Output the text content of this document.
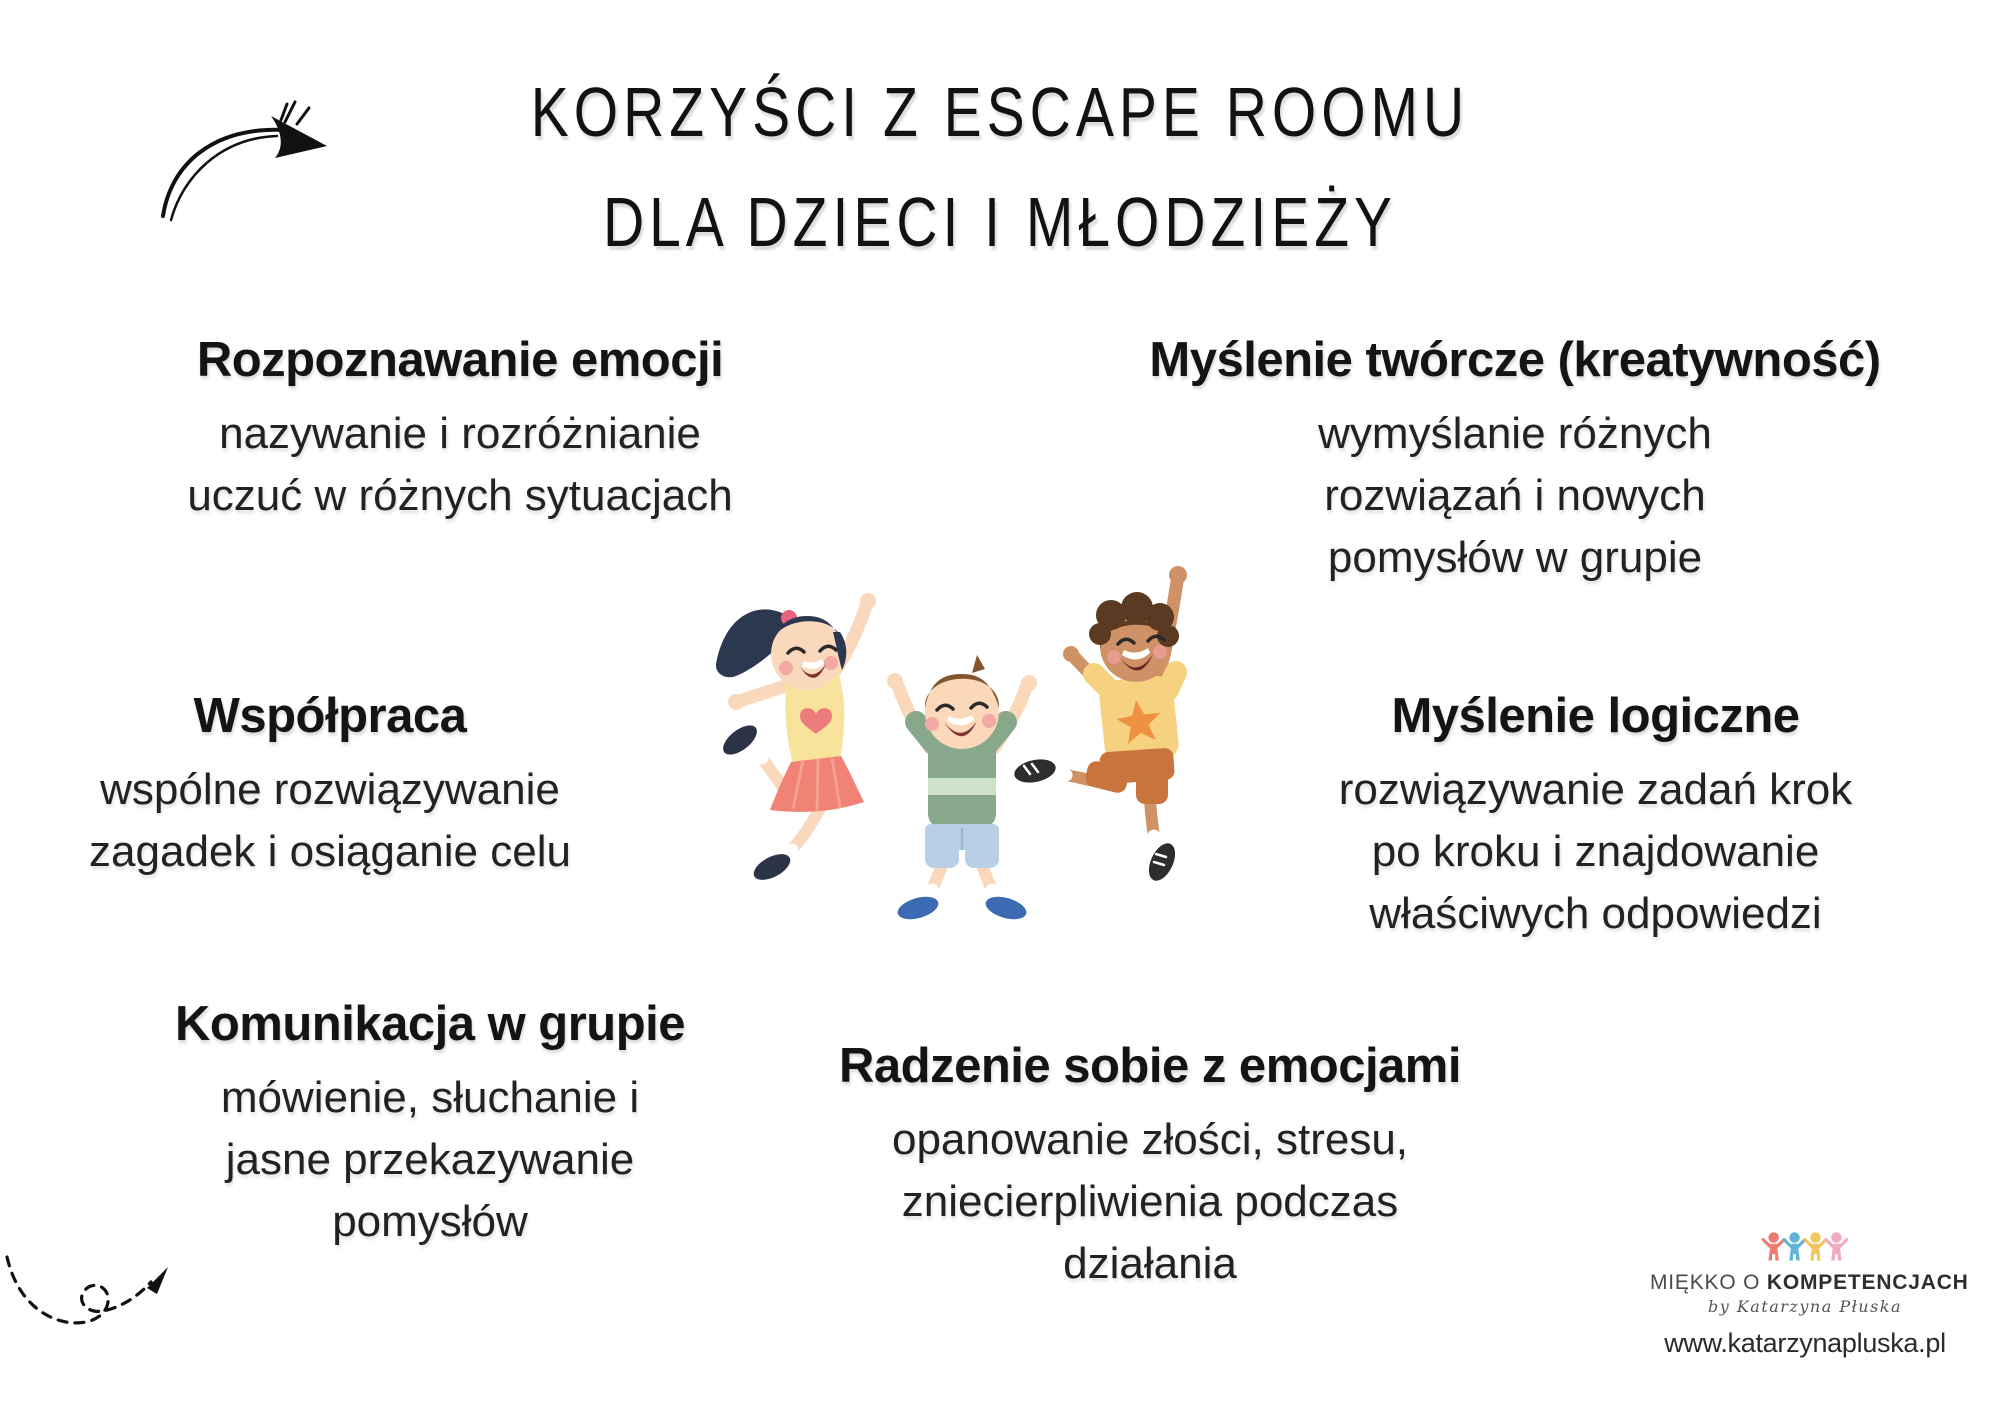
KORZYŚCI Z ESCAPE ROOMU
DLA DZIECI I MŁODZIEŻY
Rozpoznawanie emocji

nazywanie i rozróżnianie
uczuć w różnych sytuacjach

Myślenie twórcze (kreatywność)

wymyślanie różnych
rozwiązań i nowych
pomysłów w grupie

Współpraca

wspólne rozwiązywanie
zagadek i osiąganie celu

Myślenie logiczne

rozwiązywanie zadań krok
po kroku i znajdowanie
właściwych odpowiedzi

Komunikacja w grupie

mówienie, słuchanie i
jasne przekazywanie
pomysłów

Radzenie sobie z emocjami

opanowanie złości, stresu,
zniecierpliwienia podczas
działania	MIĘKKO O KOMPETENCJACH
by Katarzyna Płuska
www.katarzynapluska.pl
